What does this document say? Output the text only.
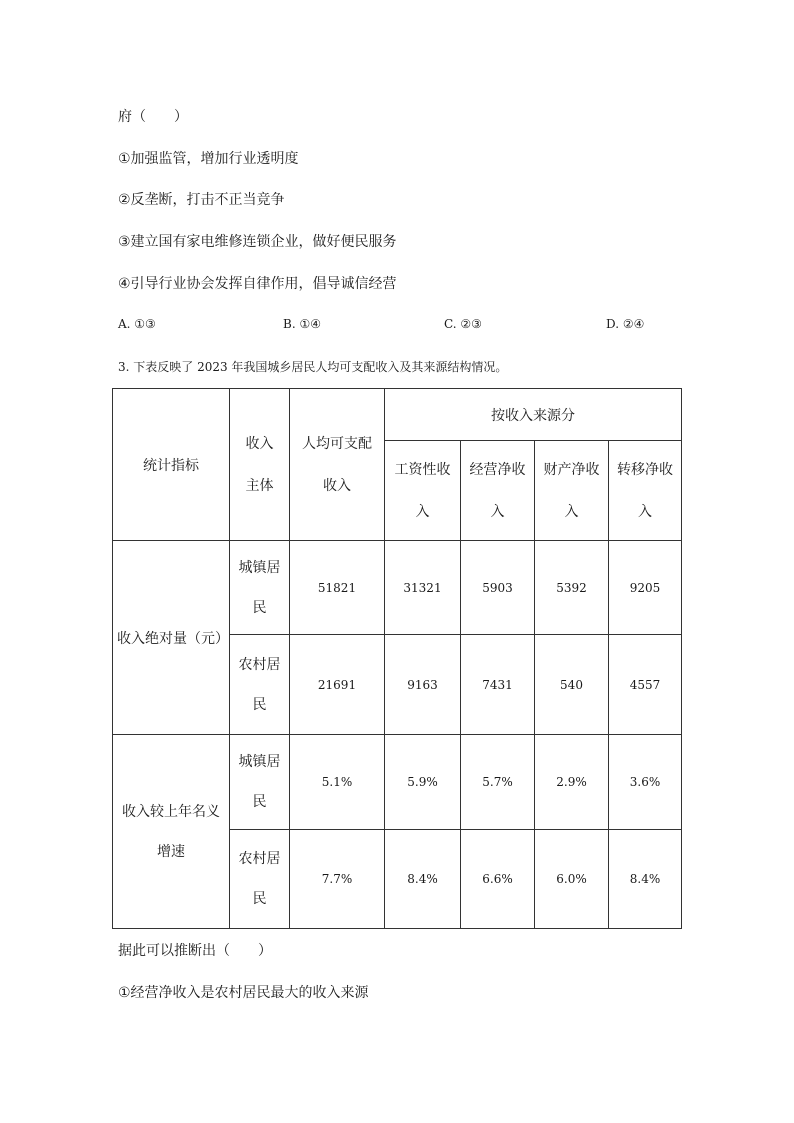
府（　　）
①加强监管，增加行业透明度
②反垄断，打击不正当竞争
③建立国有家电维修连锁企业，做好便民服务
④引导行业协会发挥自律作用，倡导诚信经营
A. ①③	B. ①④	C. ②③	D. ②④
3. 下表反映了 2023 年我国城乡居民人均可支配收入及其来源结构情况。
统计指标	收入主体	人均可支配收入	按收入来源分			
			工资性收入	经营净收入	财产净收入	转移净收入
收入绝对量（元）	城镇居民	51821	31321	5903	5392	9205
	农村居民	21691	9163	7431	540	4557
收入较上年名义增速	城镇居民	5.1%	5.9%	5.7%	2.9%	3.6%
	农村居民	7.7%	8.4%	6.6%	6.0%	8.4%
据此可以推断出（　　）
①经营净收入是农村居民最大的收入来源
